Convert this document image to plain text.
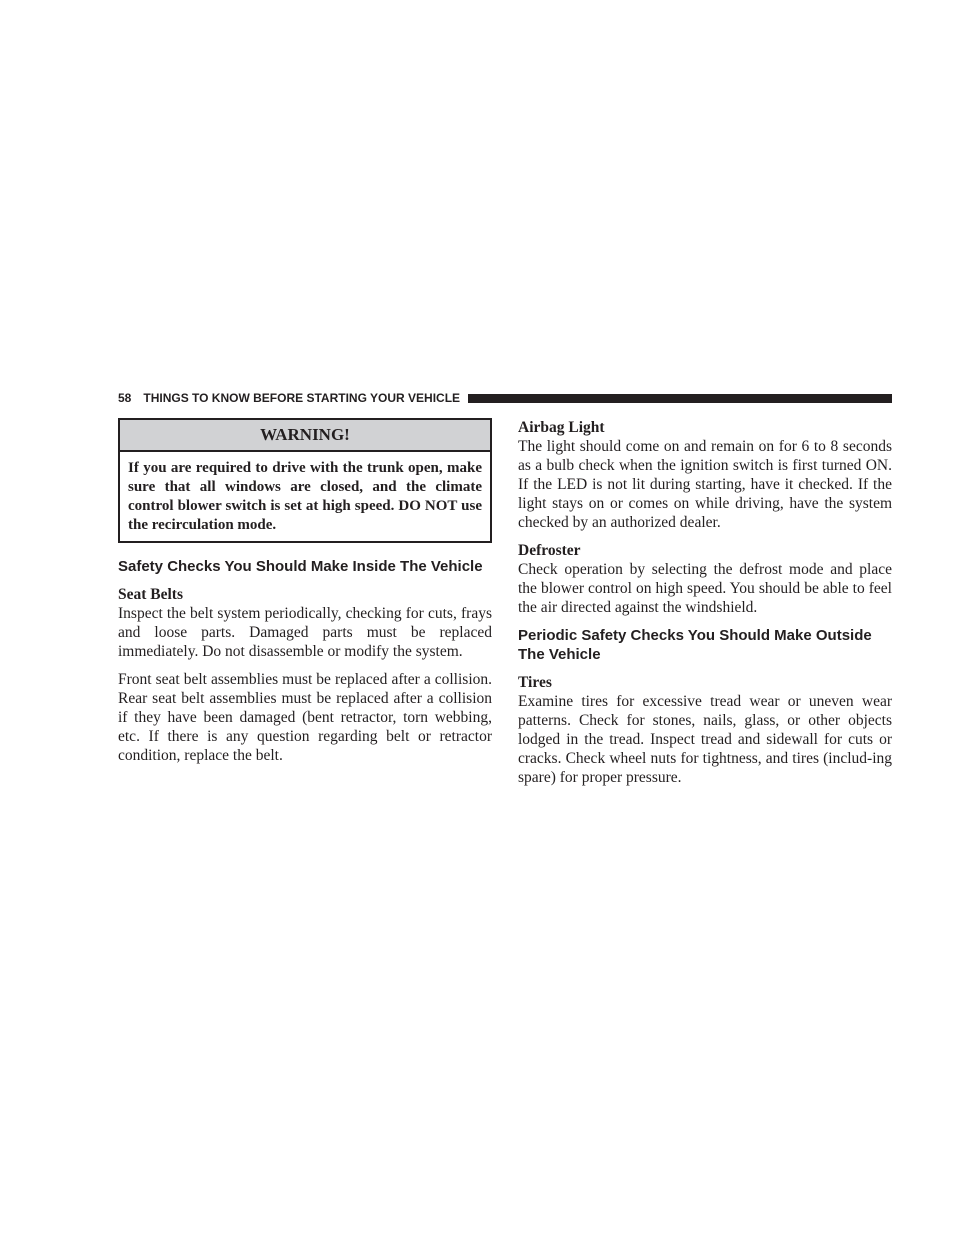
58 THINGS TO KNOW BEFORE STARTING YOUR VEHICLE
WARNING!
If you are required to drive with the trunk open, make sure that all windows are closed, and the climate control blower switch is set at high speed. DO NOT use the recirculation mode.
Safety Checks You Should Make Inside The Vehicle
Seat Belts

Inspect the belt system periodically, checking for cuts, frays and loose parts. Damaged parts must be replaced immediately. Do not disassemble or modify the system.

Front seat belt assemblies must be replaced after a collision. Rear seat belt assemblies must be replaced after a collision if they have been damaged (bent retractor, torn webbing, etc. If there is any question regarding belt or retractor condition, replace the belt.

Airbag Light

The light should come on and remain on for 6 to 8 seconds as a bulb check when the ignition switch is first turned ON. If the LED is not lit during starting, have it checked. If the light stays on or comes on while driving, have the system checked by an authorized dealer.

Defroster

Check operation by selecting the defrost mode and place the blower control on high speed. You should be able to feel the air directed against the windshield.

Periodic Safety Checks You Should Make Outside The Vehicle
Tires

Examine tires for excessive tread wear or uneven wear patterns. Check for stones, nails, glass, or other objects lodged in the tread. Inspect tread and sidewall for cuts or cracks. Check wheel nuts for tightness, and tires (includ-ing spare) for proper pressure.
